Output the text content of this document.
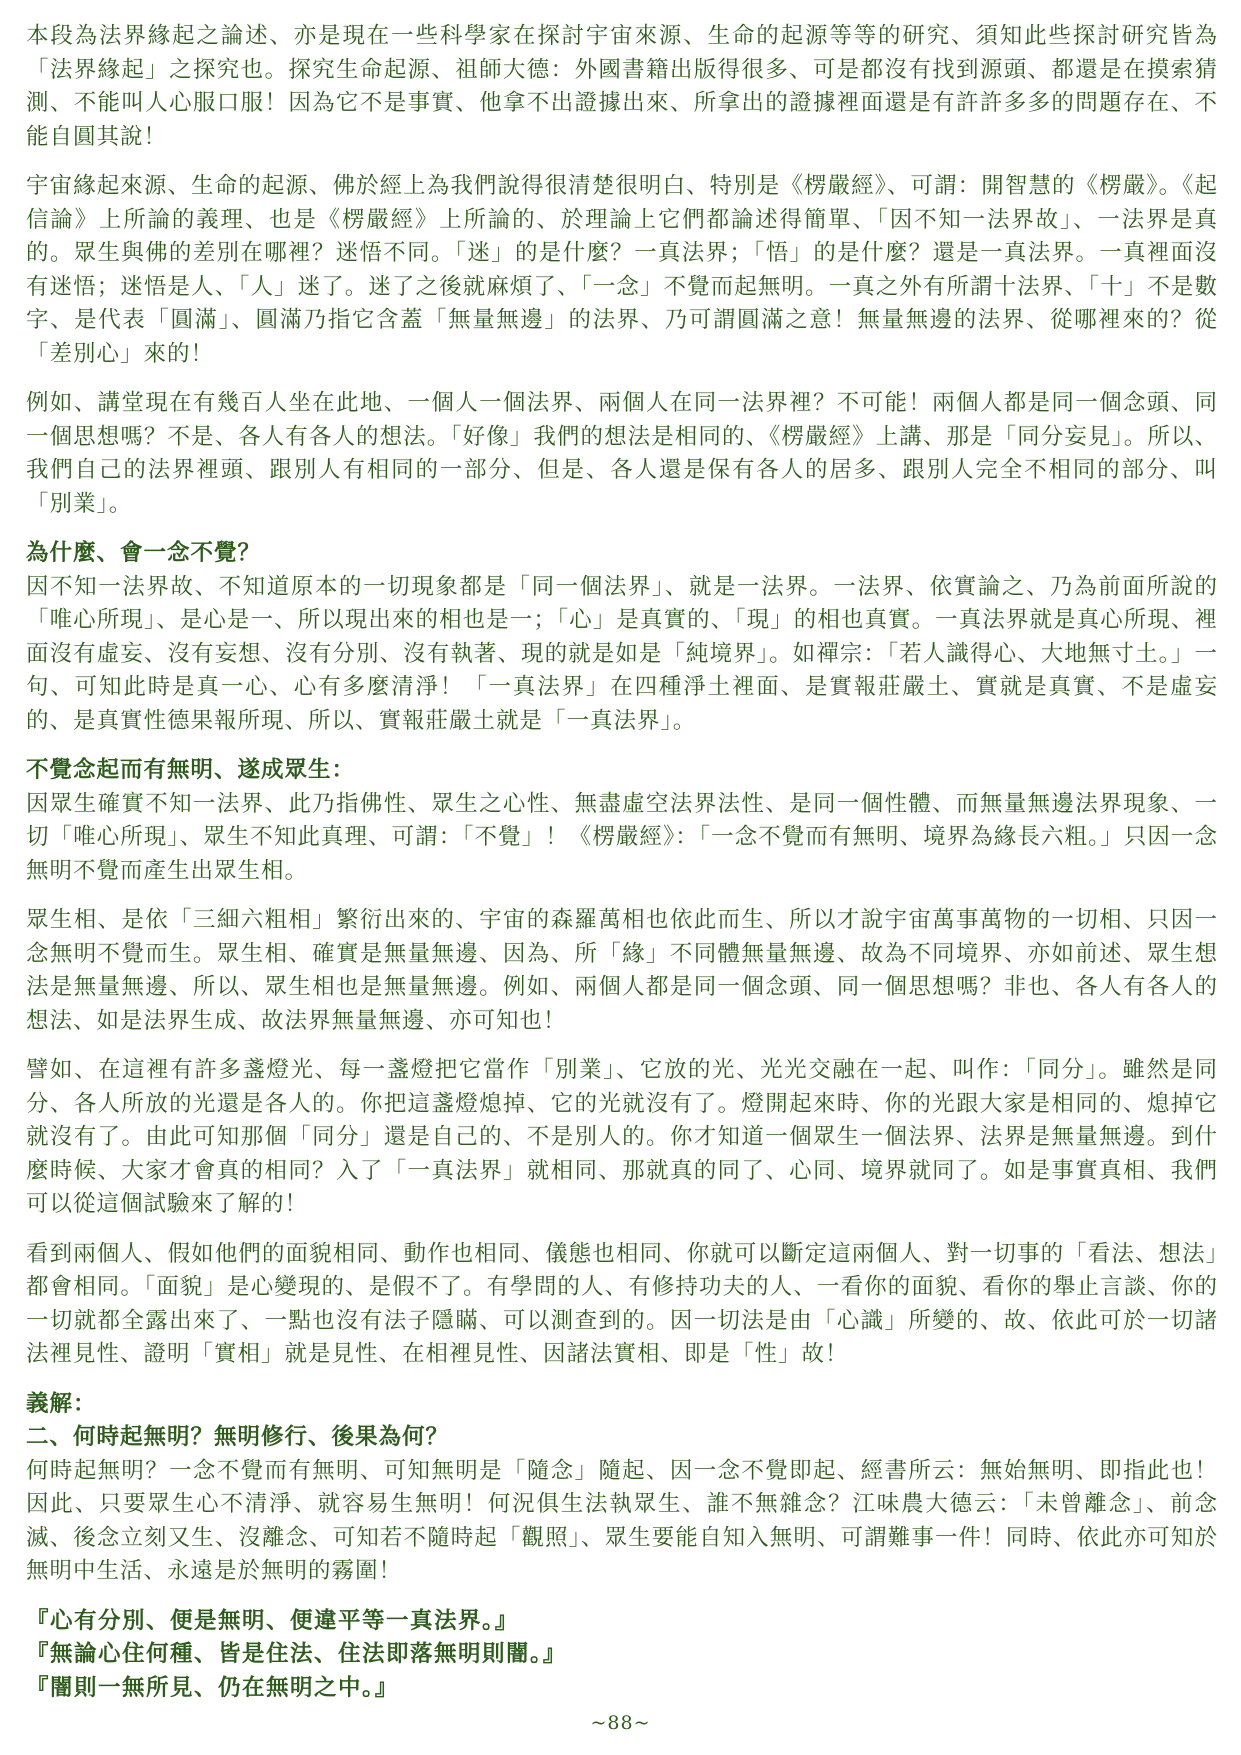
本段為法界緣起之論述、亦是現在一些科學家在探討宇宙來源、生命的起源等等的研究、須知此些探討研究皆為「法界緣起」之探究也。探究生命起源、祖師大德：外國書籍出版得很多、可是都沒有找到源頭、都還是在摸索猜測、不能叫人心服口服！因為它不是事實、他拿不出證據出來、所拿出的證據裡面還是有許許多多的問題存在、不能自圓其說！

宇宙緣起來源、生命的起源、佛於經上為我們說得很清楚很明白、特別是《楞嚴經》、可謂：開智慧的《楞嚴》。《起信論》上所論的義理、也是《楞嚴經》上所論的、於理論上它們都論述得簡單、「因不知一法界故」、一法界是真的。眾生與佛的差別在哪裡？迷悟不同。「迷」的是什麼？一真法界；「悟」的是什麼？還是一真法界。一真裡面沒有迷悟；迷悟是人、「人」迷了。迷了之後就麻煩了、「一念」不覺而起無明。一真之外有所謂十法界、「十」不是數字、是代表「圓滿」、圓滿乃指它含蓋「無量無邊」的法界、乃可謂圓滿之意！無量無邊的法界、從哪裡來的？從「差別心」來的！

例如、講堂現在有幾百人坐在此地、一個人一個法界、兩個人在同一法界裡？不可能！兩個人都是同一個念頭、同一個思想嗎？不是、各人有各人的想法。「好像」我們的想法是相同的、《楞嚴經》上講、那是「同分妄見」。所以、我們自己的法界裡頭、跟別人有相同的一部分、但是、各人還是保有各人的居多、跟別人完全不相同的部分、叫「別業」。

為什麼、會一念不覺？

因不知一法界故、不知道原本的一切現象都是「同一個法界」、就是一法界。一法界、依實論之、乃為前面所說的「唯心所現」、是心是一、所以現出來的相也是一；「心」是真實的、「現」的相也真實。一真法界就是真心所現、裡面沒有虛妄、沒有妄想、沒有分別、沒有執著、現的就是如是「純境界」。如禪宗：「若人識得心、大地無寸土。」一句、可知此時是真一心、心有多麼清淨！「一真法界」在四種淨土裡面、是實報莊嚴土、實就是真實、不是虛妄的、是真實性德果報所現、所以、實報莊嚴土就是「一真法界」。

不覺念起而有無明、遂成眾生：

因眾生確實不知一法界、此乃指佛性、眾生之心性、無盡虛空法界法性、是同一個性體、而無量無邊法界現象、一切「唯心所現」、眾生不知此真理、可謂：「不覺」！《楞嚴經》：「一念不覺而有無明、境界為緣長六粗。」只因一念無明不覺而產生出眾生相。

眾生相、是依「三細六粗相」繁衍出來的、宇宙的森羅萬相也依此而生、所以才說宇宙萬事萬物的一切相、只因一念無明不覺而生。眾生相、確實是無量無邊、因為、所「緣」不同體無量無邊、故為不同境界、亦如前述、眾生想法是無量無邊、所以、眾生相也是無量無邊。例如、兩個人都是同一個念頭、同一個思想嗎？非也、各人有各人的想法、如是法界生成、故法界無量無邊、亦可知也！

譬如、在這裡有許多盞燈光、每一盞燈把它當作「別業」、它放的光、光光交融在一起、叫作：「同分」。雖然是同分、各人所放的光還是各人的。你把這盞燈熄掉、它的光就沒有了。燈開起來時、你的光跟大家是相同的、熄掉它就沒有了。由此可知那個「同分」還是自己的、不是別人的。你才知道一個眾生一個法界、法界是無量無邊。到什麼時候、大家才會真的相同？入了「一真法界」就相同、那就真的同了、心同、境界就同了。如是事實真相、我們可以從這個試驗來了解的！

看到兩個人、假如他們的面貌相同、動作也相同、儀態也相同、你就可以斷定這兩個人、對一切事的「看法、想法」都會相同。「面貌」是心變現的、是假不了。有學問的人、有修持功夫的人、一看你的面貌、看你的舉止言談、你的一切就都全露出來了、一點也沒有法子隱瞞、可以測查到的。因一切法是由「心識」所變的、故、依此可於一切諸法裡見性、證明「實相」就是見性、在相裡見性、因諸法實相、即是「性」故！

義解：

二、何時起無明？無明修行、後果為何？

何時起無明？一念不覺而有無明、可知無明是「隨念」隨起、因一念不覺即起、經書所云：無始無明、即指此也！因此、只要眾生心不清淨、就容易生無明！何況俱生法執眾生、誰不無雜念？江味農大德云：「未曾離念」、前念滅、後念立刻又生、沒離念、可知若不隨時起「觀照」、眾生要能自知入無明、可謂難事一件！同時、依此亦可知於無明中生活、永遠是於無明的霧圍！

『心有分別、便是無明、便違平等一真法界。』

『無論心住何種、皆是住法、住法即落無明則闇。』

『闇則一無所見、仍在無明之中。』

~88~
